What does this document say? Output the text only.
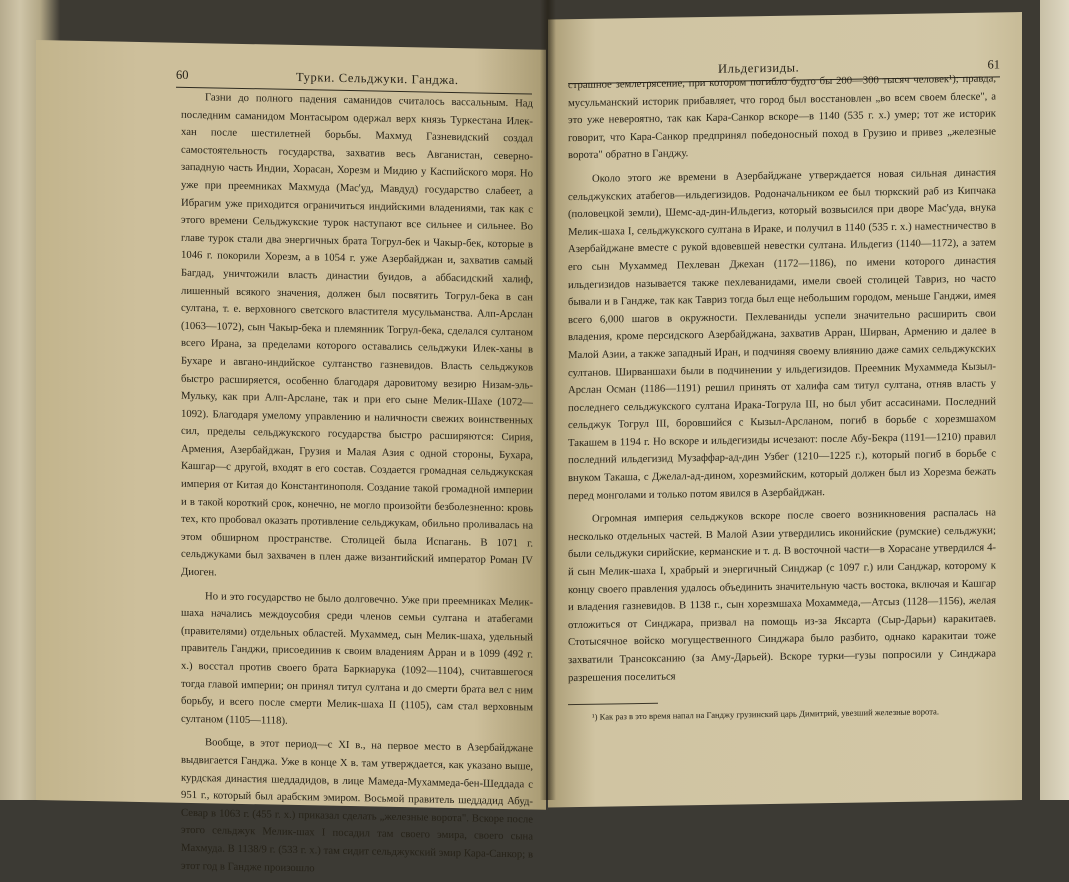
60	Турки. Сельджуки. Ганджа.

Газни до полного падения саманидов считалось вассальным. Над последним саманидом Монтасыром одержал верх князь Туркестана Илек-хан после шестилетней борьбы. Махмуд Газневидский создал самостоятельность государства, захватив весь Авганистан, северно-западную часть Индии, Хорасан, Хорезм и Мидию у Каспийского моря. Но уже при преемниках Махмуда (Мас'уд, Мавдуд) государство слабеет, а Ибрагим уже приходится ограничиться индийскими владениями, так как с этого времени Сельджукские турок наступают все сильнее и сильнее. Во главе турок стали два энергичных брата Тогрул-бек и Чакыр-бек, которые в 1046 г. покорили Хорезм, а в 1054 г. уже Азербайджан и, захватив самый Багдад, уничтожили власть династии буидов, а аббасидский халиф, лишенный всякого значения, должен был посвятить Тогрул-бека в сан султана, т. е. верховного светского властителя мусульманства. Алп-Арслан (1063—1072), сын Чакыр-бека и племянник Тогрул-бека, сделался султаном всего Ирана, за пределами которого оставались сельджуки Илек-ханы в Бухаре и авгано-индийское султанство газневидов. Власть сельджуков быстро расширяется, особенно благодаря даровитому везирю Низам-эль-Мульку, как при Алп-Арслане, так и при его сыне Мелик-Шахе (1072—1092). Благодаря умелому управлению и наличности свежих воинственных сил, пределы сельджукского государства быстро расширяются: Сирия, Армения, Азербайджан, Грузия и Малая Азия с одной стороны, Бухара, Кашгар—с другой, входят в его состав. Создается громадная сельджукская империя от Китая до Константинополя. Создание такой громадной империи и в такой короткий срок, конечно, не могло произойти безболезненно: кровь тех, кто пробовал оказать противление сельджукам, обильно проливалась на этом обширном пространстве. Столицей была Испагань. В 1071 г. сельджуками был захвачен в плен даже византийский император Роман IV Диоген.

Но и это государство не было долговечно. Уже при преемниках Мелик-шаха начались междоусобия среди членов семьи султана и атабегами (правителями) отдельных областей. Мухаммед, сын Мелик-шаха, удельный правитель Ганджи, присоединив к своим владениям Арран и в 1099 (492 г. х.) восстал против своего брата Баркиарука (1092—1104), считавшегося тогда главой империи; он принял титул султана и до смерти брата вел с ним борьбу, и всего после смерти Мелик-шаха II (1105), сам стал верховным султаном (1105—1118).

Вообще, в этот период—с XI в., на первое место в Азербайджане выдвигается Ганджа. Уже в конце X в. там утверждается, как указано выше, курдская династия шеддадидов, в лице Мамеда-Мухаммеда-бен-Шеддада с 951 г., который был арабским эмиром. Восьмой правитель шеддадид Абуд-Севар в 1063 г. (455 г. х.) приказал сделать „железные ворота". Вскоре после этого сельджук Мелик-шах I посадил там своего эмира, своего сына Махмуда. В 1138/9 г. (533 г. х.) там сидит сельджукский эмир Кара-Санкор; в этот год в Гандже произошло

Ильдегизиды.	61

страшное землетрясение, при котором погибло будто бы 200—300 тысяч человек¹); правда, мусульманский историк прибавляет, что город был восстановлен „во всем своем блеске", а это уже невероятно, так как Кара-Санкор вскоре—в 1140 (535 г. х.) умер; тот же историк говорит, что Кара-Санкор предпринял победоносный поход в Грузию и привез „железные ворота" обратно в Ганджу.

Около этого же времени в Азербайджане утверждается новая сильная династия сельджукских атабегов—ильдегизидов. Родоначальником ее был тюркский раб из Кипчака (половецкой земли), Шемс-ад-дин-Ильдегиз, который возвысился при дворе Мас'уда, внука Мелик-шаха I, сельджукского султана в Ираке, и получил в 1140 (535 г. х.) наместничество в Азербайджане вместе с рукой вдовевшей невестки султана. Ильдегиз (1140—1172), а затем его сын Мухаммед Пехлеван Джехан (1172—1186), по имени которого династия ильдегизидов называется также пехлеванидами, имели своей столицей Тавриз, но часто бывали и в Гандже, так как Тавриз тогда был еще небольшим городом, меньше Ганджи, имея всего 6,000 шагов в окружности. Пехлеваниды успели значительно расширить свои владения, кроме персидского Азербайджана, захватив Арран, Ширван, Армению и далее в Малой Азии, а также западный Иран, и подчиняя своему влиянию даже самих сельджукских султанов. Ширваншахи были в подчинении у ильдегизидов. Преемник Мухаммеда Кызыл-Арслан Осман (1186—1191) решил принять от халифа сам титул султана, отняв власть у последнего сельджукского султана Ирака-Тогрула III, но был убит ассасинами. Последний сельджук Тогрул III, боровшийся с Кызыл-Арсланом, погиб в борьбе с хорезмшахом Такашем в 1194 г. Но вскоре и ильдегизиды исчезают: после Абу-Бекра (1191—1210) правил последний ильдегизид Музаффар-ад-дин Узбег (1210—1225 г.), который погиб в борьбе с внуком Такаша, с Джелал-ад-дином, хорезмийским, который должен был из Хорезма бежать перед монголами и только потом явился в Азербайджан.

Огромная империя сельджуков вскоре после своего возникновения распалась на несколько отдельных частей. В Малой Азии утвердились иконийские (румские) сельджуки; были сельджуки сирийские, керманские и т. д. В восточной части—в Хорасане утвердился 4-й сын Мелик-шаха I, храбрый и энергичный Синджар (с 1097 г.) или Санджар, которому к концу своего правления удалось объединить значительную часть востока, включая и Кашгар и владения газневидов. В 1138 г., сын хорезмшаха Мохаммеда,—Атсыз (1128—1156), желая отложиться от Синджара, призвал на помощь из-за Яксарта (Сыр-Дарьи) каракитаев. Стотысячное войско могущественного Синджара было разбито, однако каракитаи тоже захватили Трансоксанию (за Аму-Дарьей). Вскоре турки—гузы попросили у Синджара разрешения поселиться

¹) Как раз в это время напал на Ганджу грузинский царь Димитрий, увезший железные ворота.
